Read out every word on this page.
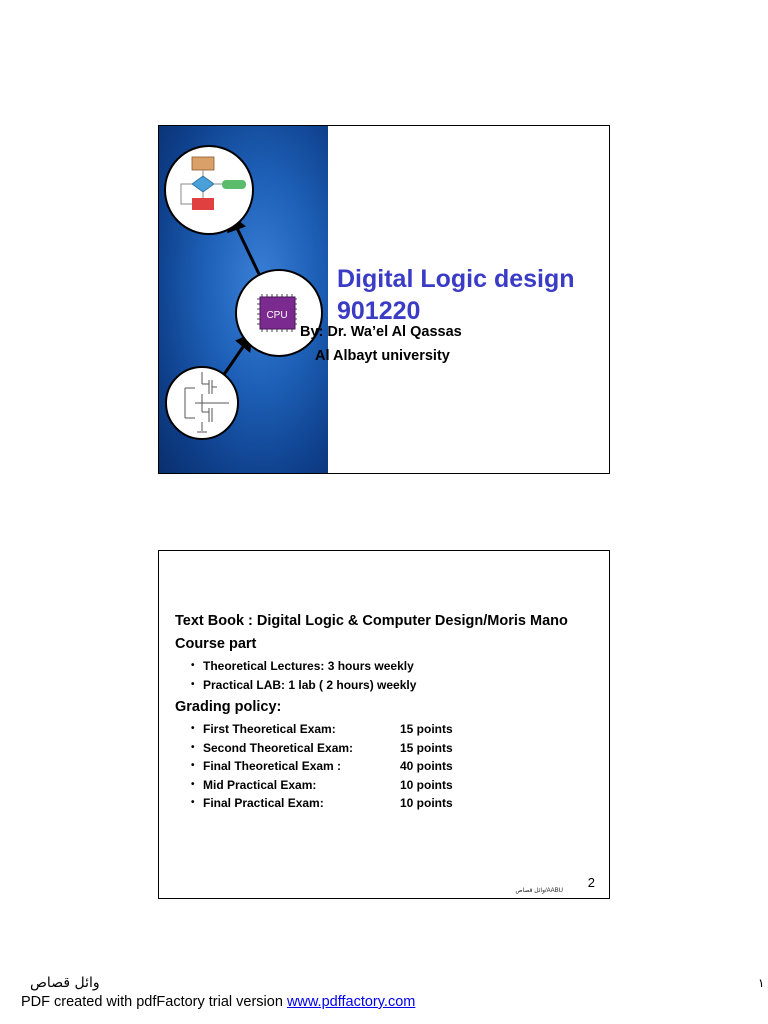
CPU
Digital Logic design
901220
By: Dr. Wa’el Al Qassas
Al Albayt university

Text Book : Digital Logic & Computer Design/Moris Mano

Course part

• Theoretical Lectures: 3 hours weekly
• Practical LAB: 1 lab ( 2 hours) weekly

Grading policy:

• First Theoretical Exam:	15 points
• Second Theoretical Exam:	15 points
• Final Theoretical Exam :	40 points
• Mid Practical Exam:	10 points
• Final Practical Exam:	10 points
2
وائل قصاص/AABU
وائل قصاص	١
PDF created with pdfFactory trial version www.pdffactory.com
